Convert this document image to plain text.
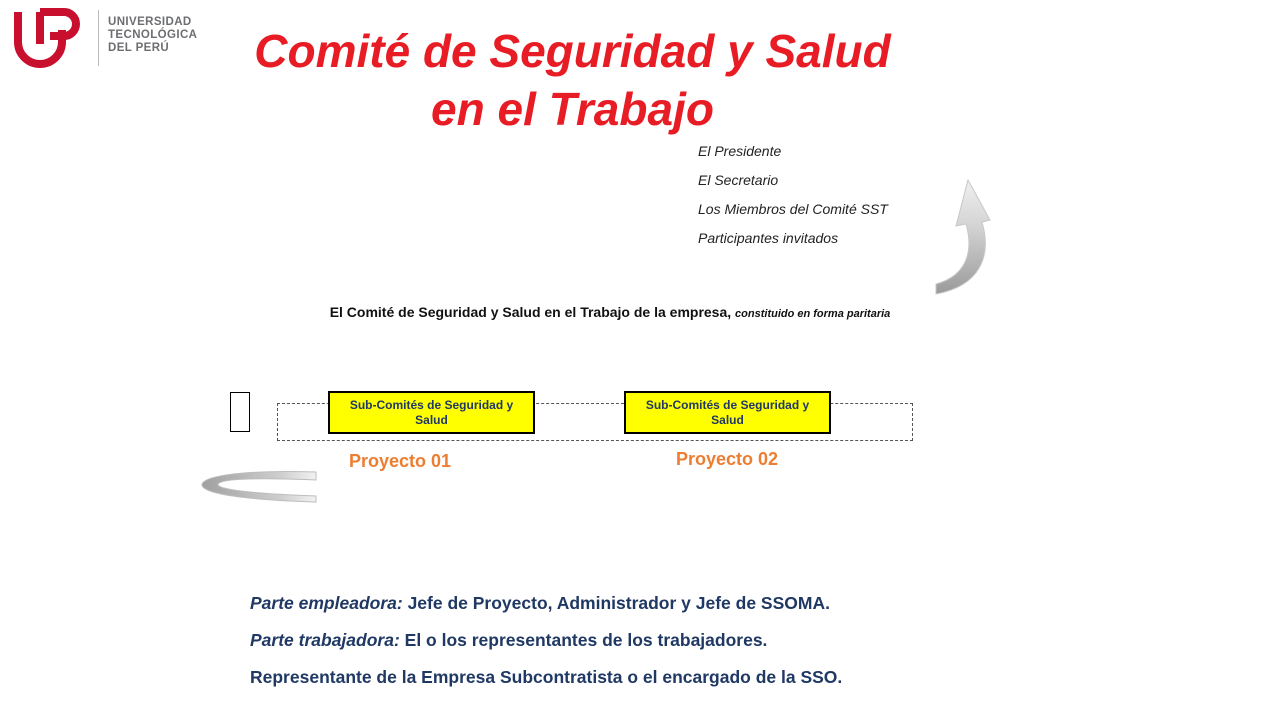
UNIVERSIDAD
TECNOLÓGICA
DEL PERÚ	Comité de Seguridad y Salud
en el Trabajo
El Presidente
El Secretario
Los Miembros del Comité SST
Participantes invitados
El Comité de Seguridad y Salud en el Trabajo de la empresa, constituido en forma paritaria
Sub-Comités de Seguridad y Salud
Sub-Comités de Seguridad y Salud
Proyecto 01	Proyecto 02
Parte empleadora: Jefe de Proyecto, Administrador y Jefe de SSOMA.
Parte trabajadora: El o los representantes de los trabajadores.
Representante de la Empresa Subcontratista o el encargado de la SSO.
